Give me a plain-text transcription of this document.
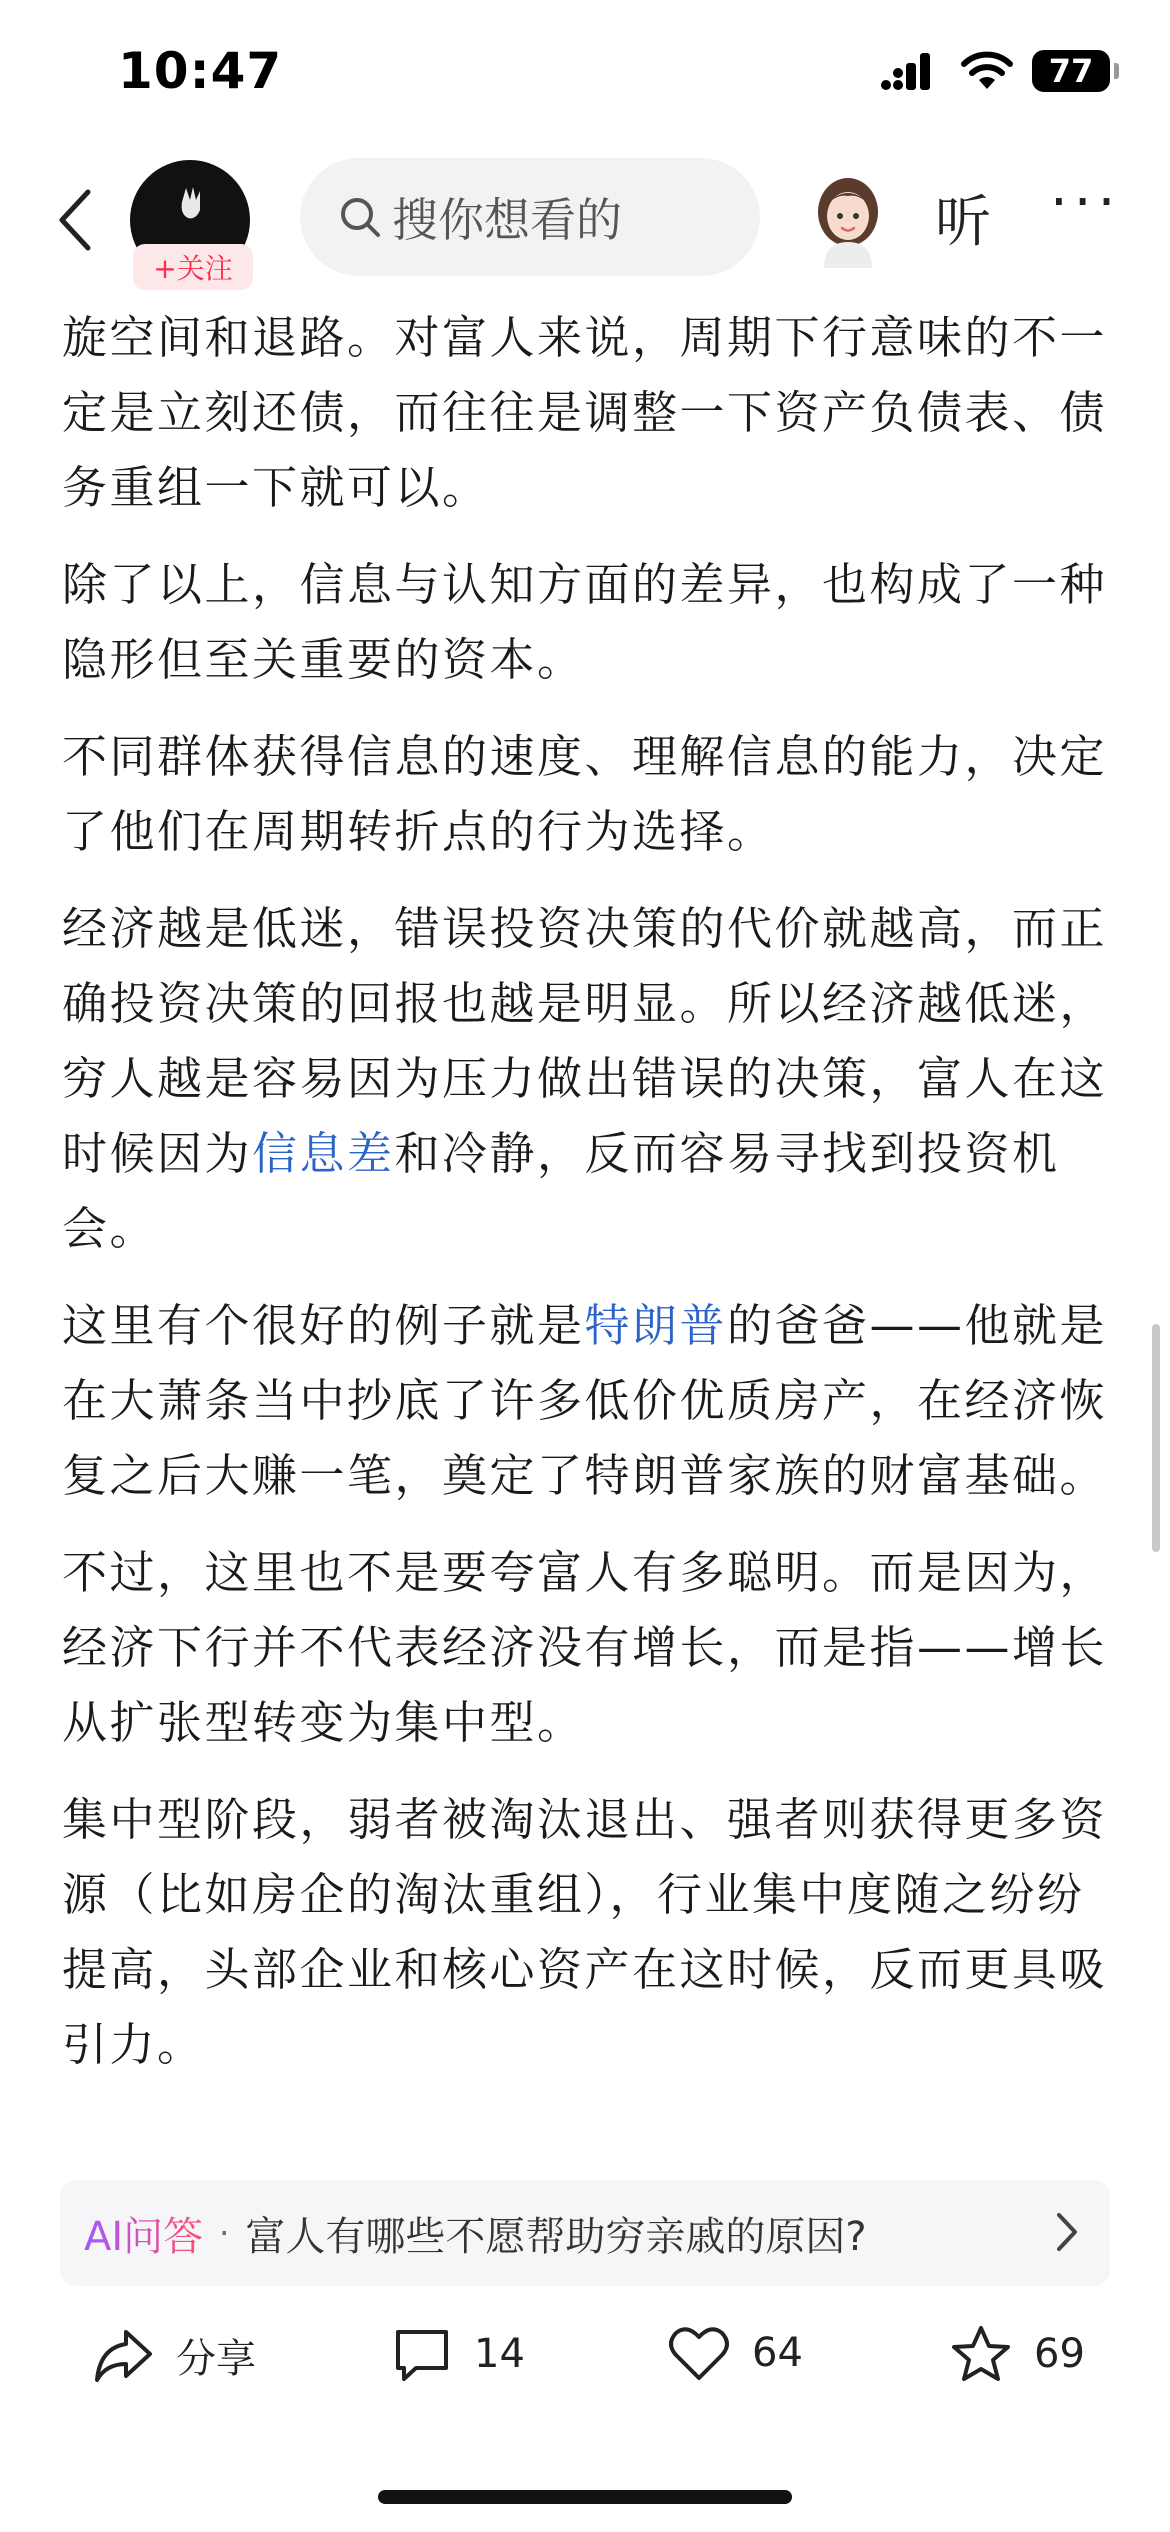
10:47	77
+关注
搜你想看的	听 ···

旋空间和退路。对富人来说，周期下行意味的不一定是立刻还债，而往往是调整一下资产负债表、债务重组一下就可以。

除了以上，信息与认知方面的差异，也构成了一种隐形但至关重要的资本。

不同群体获得信息的速度、理解信息的能力，决定了他们在周期转折点的行为选择。

经济越是低迷，错误投资决策的代价就越高，而正确投资决策的回报也越是明显。所以经济越低迷，穷人越是容易因为压力做出错误的决策，富人在这时候因为信息差和冷静，反而容易寻找到投资机会。

这里有个很好的例子就是特朗普的爸爸——他就是在大萧条当中抄底了许多低价优质房产，在经济恢复之后大赚一笔，奠定了特朗普家族的财富基础。

不过，这里也不是要夸富人有多聪明。而是因为，经济下行并不代表经济没有增长，而是指——增长从扩张型转变为集中型。

集中型阶段，弱者被淘汰退出、强者则获得更多资源（比如房企的淘汰重组），行业集中度随之纷纷提高，头部企业和核心资产在这时候，反而更具吸引力。

AI问答 · 富人有哪些不愿帮助穷亲戚的原因?
分享	14	64	69
